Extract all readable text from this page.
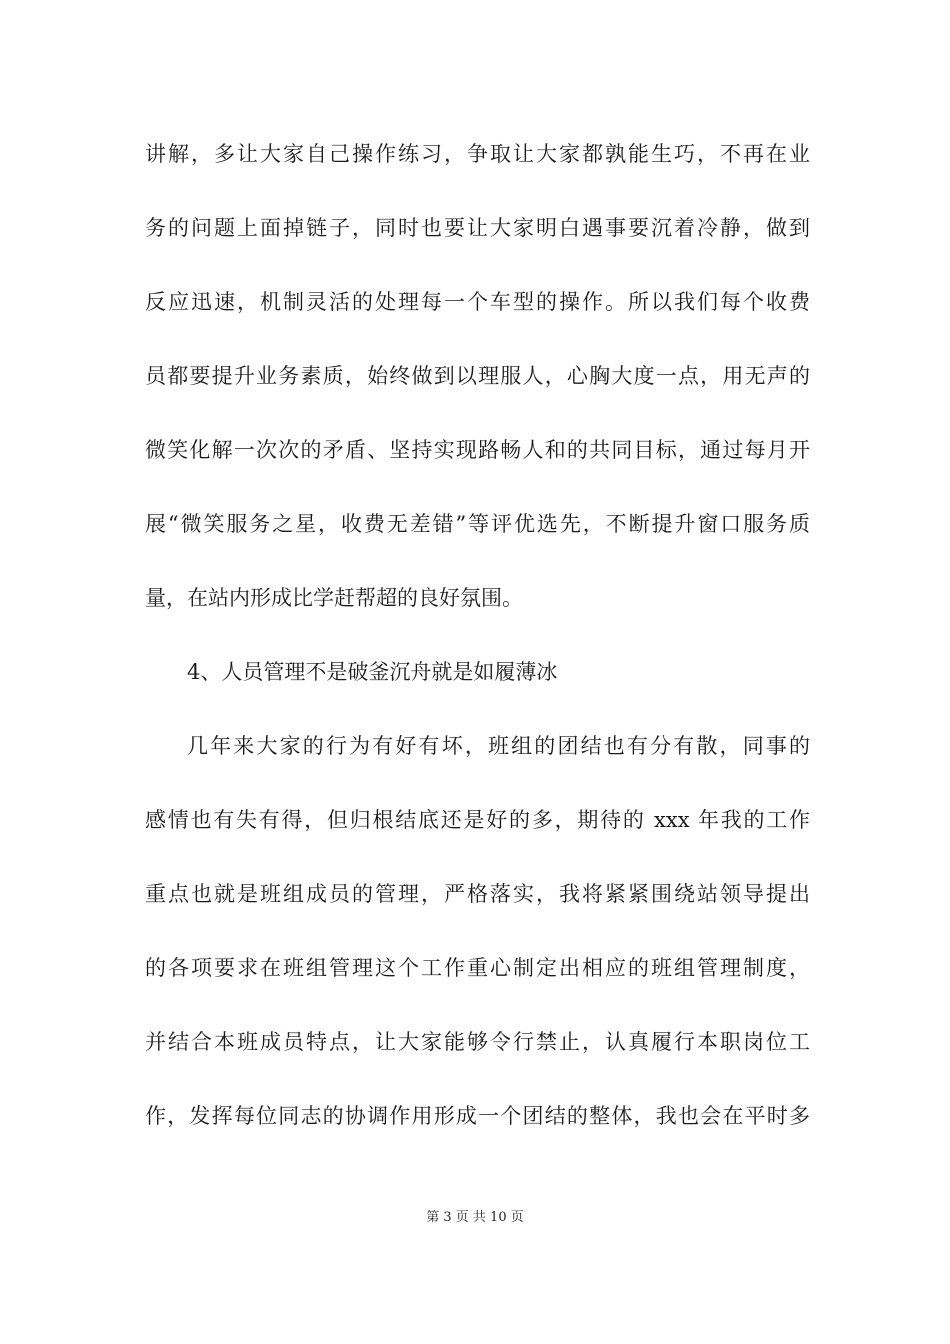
讲解，多让大家自己操作练习，争取让大家都孰能生巧，不再在业
务的问题上面掉链子，同时也要让大家明白遇事要沉着冷静，做到
反应迅速，机制灵活的处理每一个车型的操作。所以我们每个收费
员都要提升业务素质，始终做到以理服人，心胸大度一点，用无声的
微笑化解一次次的矛盾、坚持实现路畅人和的共同目标，通过每月开
展“微笑服务之星，收费无差错”等评优选先，不断提升窗口服务质
量，在站内形成比学赶帮超的良好氛围。
4、人员管理不是破釜沉舟就是如履薄冰
几年来大家的行为有好有坏，班组的团结也有分有散，同事的
感情也有失有得，但归根结底还是好的多，期待的 xxx 年我的工作
重点也就是班组成员的管理，严格落实，我将紧紧围绕站领导提出
的各项要求在班组管理这个工作重心制定出相应的班组管理制度，
并结合本班成员特点，让大家能够令行禁止，认真履行本职岗位工
作，发挥每位同志的协调作用形成一个团结的整体，我也会在平时多
第 3 页 共 10 页
